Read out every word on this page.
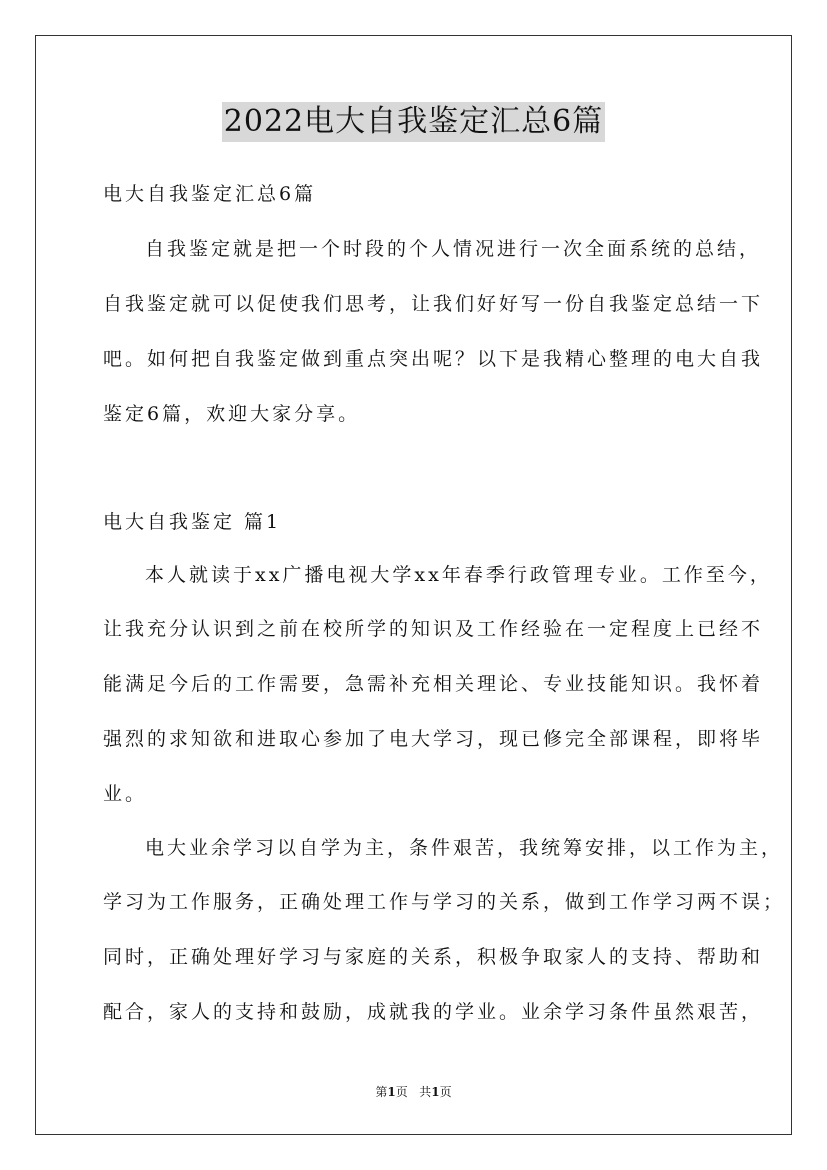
2022电大自我鉴定汇总6篇
电大自我鉴定汇总6篇
自我鉴定就是把一个时段的个人情况进行一次全面系统的总结，
自我鉴定就可以促使我们思考，让我们好好写一份自我鉴定总结一下
吧。如何把自我鉴定做到重点突出呢？以下是我精心整理的电大自我
鉴定6篇，欢迎大家分享。
电大自我鉴定 篇1
本人就读于xx广播电视大学xx年春季行政管理专业。工作至今，
让我充分认识到之前在校所学的知识及工作经验在一定程度上已经不
能满足今后的工作需要，急需补充相关理论、专业技能知识。我怀着
强烈的求知欲和进取心参加了电大学习，现已修完全部课程，即将毕
业。
电大业余学习以自学为主，条件艰苦，我统筹安排，以工作为主，
学习为工作服务，正确处理工作与学习的关系，做到工作学习两不误；
同时，正确处理好学习与家庭的关系，积极争取家人的支持、帮助和
配合，家人的支持和鼓励，成就我的学业。业余学习条件虽然艰苦，
第1页 共1页
